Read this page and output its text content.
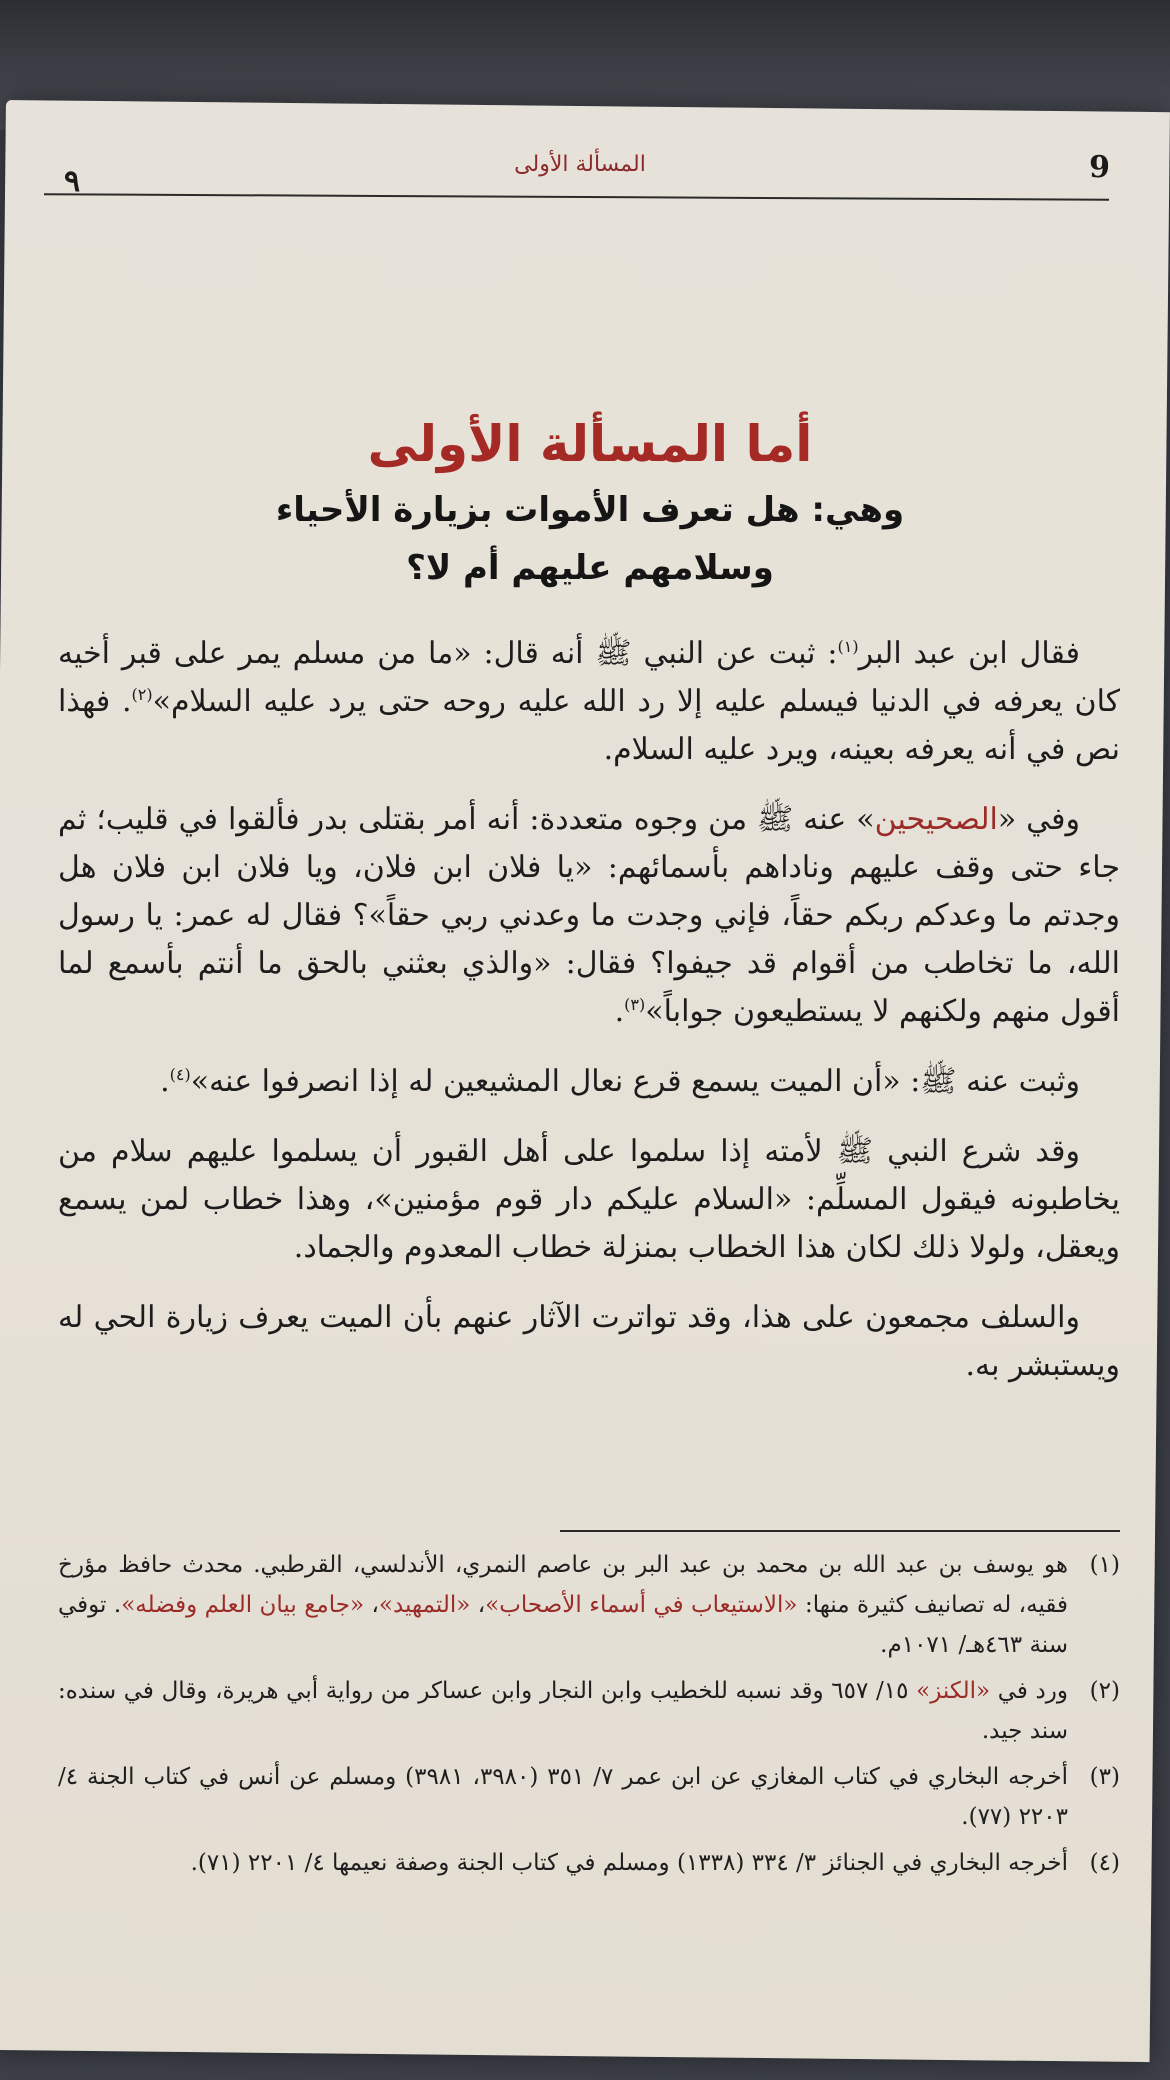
٩	المسألة الأولى	9
أما المسألة الأولى
وهي: هل تعرف الأموات بزيارة الأحياء
وسلامهم عليهم أم لا؟

فقال ابن عبد البر$^{(١)}$: ثبت عن النبي ﷺ أنه قال: «ما من مسلم يمر على قبر أخيه كان يعرفه في الدنيا فيسلم عليه إلا رد الله عليه روحه حتى يرد عليه السلام»$^{(٢)}$. فهذا نص في أنه يعرفه بعينه، ويرد عليه السلام.

وفي «الصحيحين» عنه ﷺ من وجوه متعددة: أنه أمر بقتلى بدر فألقوا في قليب؛ ثم جاء حتى وقف عليهم وناداهم بأسمائهم: «يا فلان ابن فلان، ويا فلان ابن فلان هل وجدتم ما وعدكم ربكم حقاً، فإني وجدت ما وعدني ربي حقاً»؟ فقال له عمر: يا رسول الله، ما تخاطب من أقوام قد جيفوا؟ فقال: «والذي بعثني بالحق ما أنتم بأسمع لما أقول منهم ولكنهم لا يستطيعون جواباً»$^{(٣)}$.

وثبت عنه ﷺ: «أن الميت يسمع قرع نعال المشيعين له إذا انصرفوا عنه»$^{(٤)}$.

وقد شرع النبي ﷺ لأمته إذا سلموا على أهل القبور أن يسلموا عليهم سلام من يخاطبونه فيقول المسلِّم: «السلام عليكم دار قوم مؤمنين»، وهذا خطاب لمن يسمع ويعقل، ولولا ذلك لكان هذا الخطاب بمنزلة خطاب المعدوم والجماد.

والسلف مجمعون على هذا، وقد تواترت الآثار عنهم بأن الميت يعرف زيارة الحي له ويستبشر به.

(١)
هو يوسف بن عبد الله بن محمد بن عبد البر بن عاصم النمري، الأندلسي، القرطبي. محدث حافظ مؤرخ فقيه، له تصانيف كثيرة منها: «الاستيعاب في أسماء الأصحاب»، «التمهيد»، «جامع بيان العلم وفضله». توفي سنة ٤٦٣هـ/ ١٠٧١م.
(٢)
ورد في «الكنز» ١٥/ ٦٥٧ وقد نسبه للخطيب وابن النجار وابن عساكر من رواية أبي هريرة، وقال في سنده: سند جيد.
(٣)
أخرجه البخاري في كتاب المغازي عن ابن عمر ٧/ ٣٥١ (٣٩٨٠، ٣٩٨١) ومسلم عن أنس في كتاب الجنة ٤/ ٢٢٠٣ (٧٧).
(٤)
أخرجه البخاري في الجنائز ٣/ ٣٣٤ (١٣٣٨) ومسلم في كتاب الجنة وصفة نعيمها ٤/ ٢٢٠١ (٧١).
